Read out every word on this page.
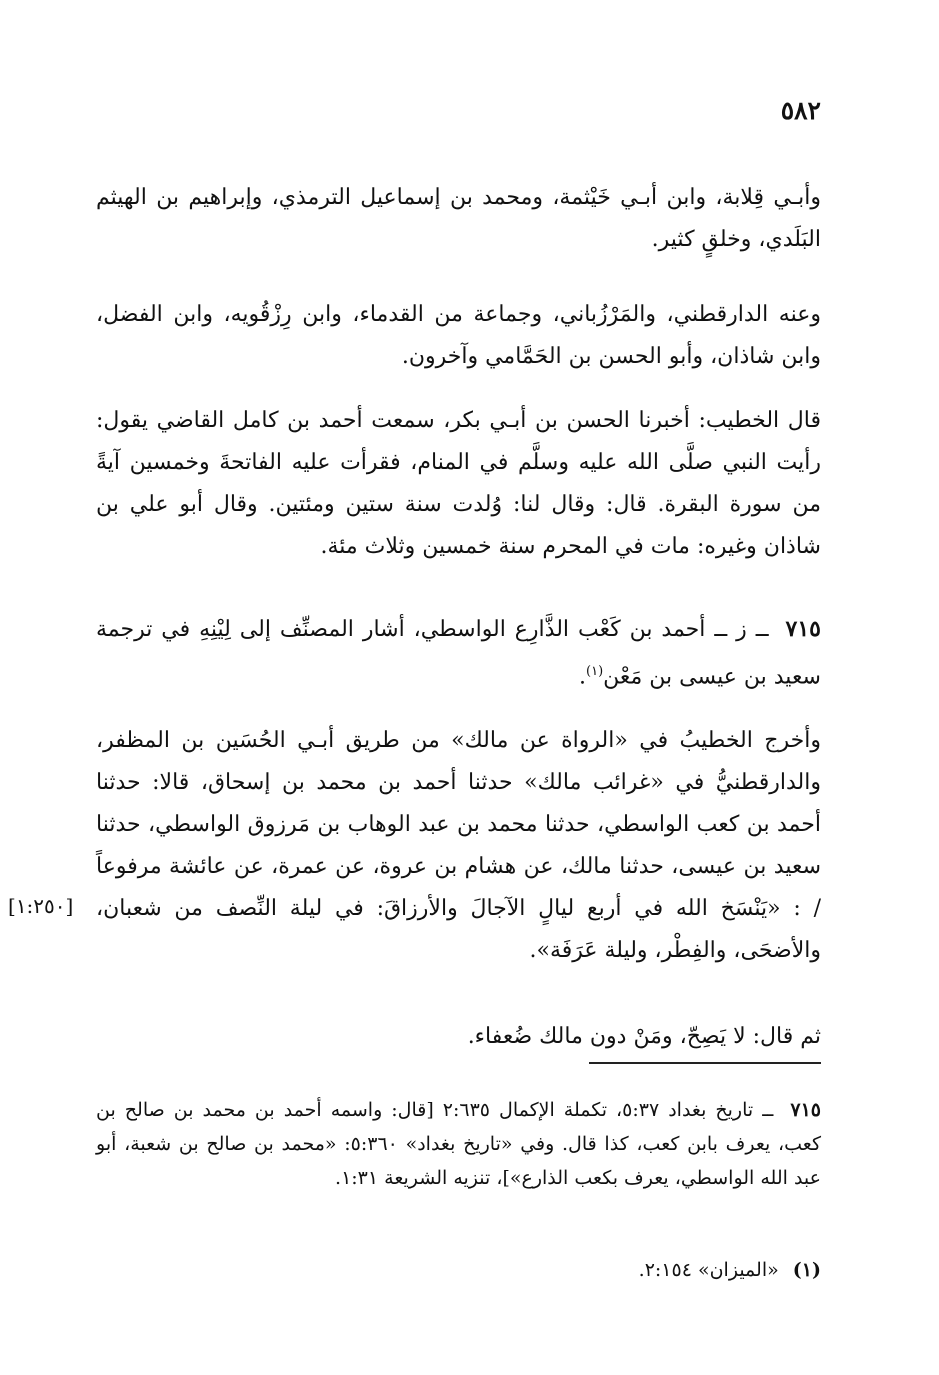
٥٨٢

وأبـي قِلابة، وابن أبـي خَيْثمة، ومحمد بن إسماعيل الترمذي، وإبراهيم بن الهيثم البَلَدي، وخلقٍ كثير.

وعنه الدارقطني، والمَرْزُباني، وجماعة من القدماء، وابن رِزْقُويه، وابن الفضل، وابن شاذان، وأبو الحسن بن الحَمَّامي وآخرون.

قال الخطيب: أخبرنا الحسن بن أبـي بكر، سمعت أحمد بن كامل القاضي يقول: رأيت النبي صلَّى الله عليه وسلَّم في المنام، فقرأت عليه الفاتحةَ وخمسين آيةً من سورة البقرة. قال: وقال لنا: وُلدت سنة ستين ومئتين. وقال أبو علي بن شاذان وغيره: مات في المحرم سنة خمسين وثلاث مئة.

٧١٥ ــ ز ــ أحمد بن كَعْب الذَّارِع الواسطي، أشار المصنِّف إلى لِيْنِهِ في ترجمة سعيد بن عيسى بن مَعْن$^{(١)}$.

وأخرج الخطيبُ في «الرواة عن مالك» من طريق أبـي الحُسَين بن المظفر، والدارقطنيُّ في «غرائب مالك» حدثنا أحمد بن محمد بن إسحاق، قالا: حدثنا أحمد بن كعب الواسطي، حدثنا محمد بن عبد الوهاب بن مَرزوق الواسطي، حدثنا سعيد بن عيسى، حدثنا مالك، عن هشام بن عروة، عن عمرة، عن عائشة مرفوعاً / : «يَنْسَخ الله في أربع ليالٍ الآجالَ والأرزاقَ: في ليلة النِّصف من شعبان، والأضحَى، والفِطْر، وليلة عَرَفَة».

[١:٢٥٠]

ثم قال: لا يَصِحّ، ومَنْ دون مالك ضُعفاء.

٧١٥ ــ تاريخ بغداد ٥:٣٧، تكملة الإكمال ٢:٦٣٥ [قال: واسمه أحمد بن محمد بن صالح بن كعب، يعرف بابن كعب، كذا قال. وفي «تاريخ بغداد» ٥:٣٦٠: «محمد بن صالح بن شعبة، أبو عبد الله الواسطي، يعرف بكعب الذارع»]، تنزيه الشريعة ١:٣١.

(١) «الميزان» ٢:١٥٤.
